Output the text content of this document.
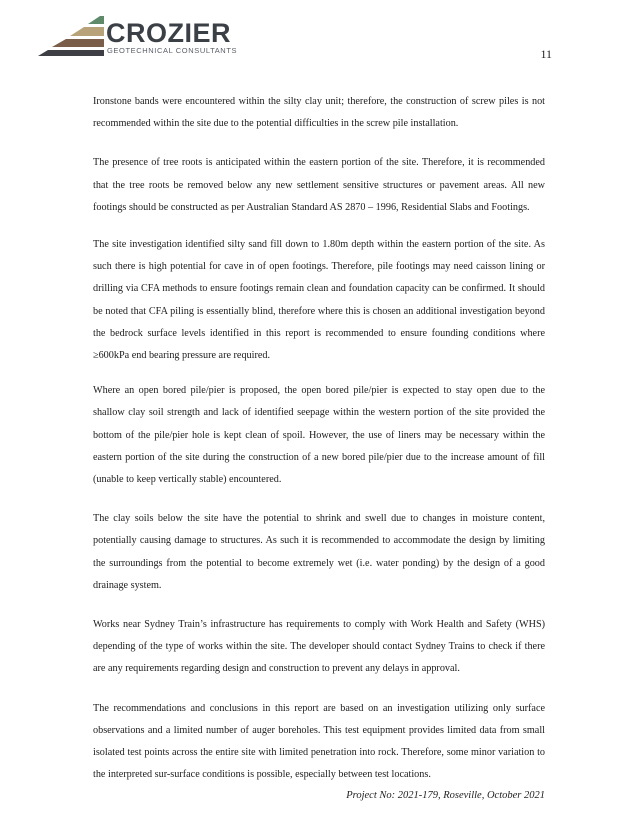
CROZIER
GEOTECHNICAL CONSULTANTS	11

Ironstone bands were encountered within the silty clay unit; therefore, the construction of screw piles is not recommended within the site due to the potential difficulties in the screw pile installation.

The presence of tree roots is anticipated within the eastern portion of the site. Therefore, it is recommended that the tree roots be removed below any new settlement sensitive structures or pavement areas. All new footings should be constructed as per Australian Standard AS 2870 – 1996, Residential Slabs and Footings.

The site investigation identified silty sand fill down to 1.80m depth within the eastern portion of the site. As such there is high potential for cave in of open footings. Therefore, pile footings may need caisson lining or drilling via CFA methods to ensure footings remain clean and foundation capacity can be confirmed. It should be noted that CFA piling is essentially blind, therefore where this is chosen an additional investigation beyond the bedrock surface levels identified in this report is recommended to ensure founding conditions where ≥600kPa end bearing pressure are required.

Where an open bored pile/pier is proposed, the open bored pile/pier is expected to stay open due to the shallow clay soil strength and lack of identified seepage within the western portion of the site provided the bottom of the pile/pier hole is kept clean of spoil. However, the use of liners may be necessary within the eastern portion of the site during the construction of a new bored pile/pier due to the increase amount of fill (unable to keep vertically stable) encountered.

The clay soils below the site have the potential to shrink and swell due to changes in moisture content, potentially causing damage to structures. As such it is recommended to accommodate the design by limiting the surroundings from the potential to become extremely wet (i.e. water ponding) by the design of a good drainage system.

Works near Sydney Train’s infrastructure has requirements to comply with Work Health and Safety (WHS) depending of the type of works within the site. The developer should contact Sydney Trains to check if there are any requirements regarding design and construction to prevent any delays in approval.

The recommendations and conclusions in this report are based on an investigation utilizing only surface observations and a limited number of auger boreholes. This test equipment provides limited data from small isolated test points across the entire site with limited penetration into rock. Therefore, some minor variation to the interpreted sur-surface conditions is possible, especially between test locations.

Project No: 2021-179, Roseville, October 2021
